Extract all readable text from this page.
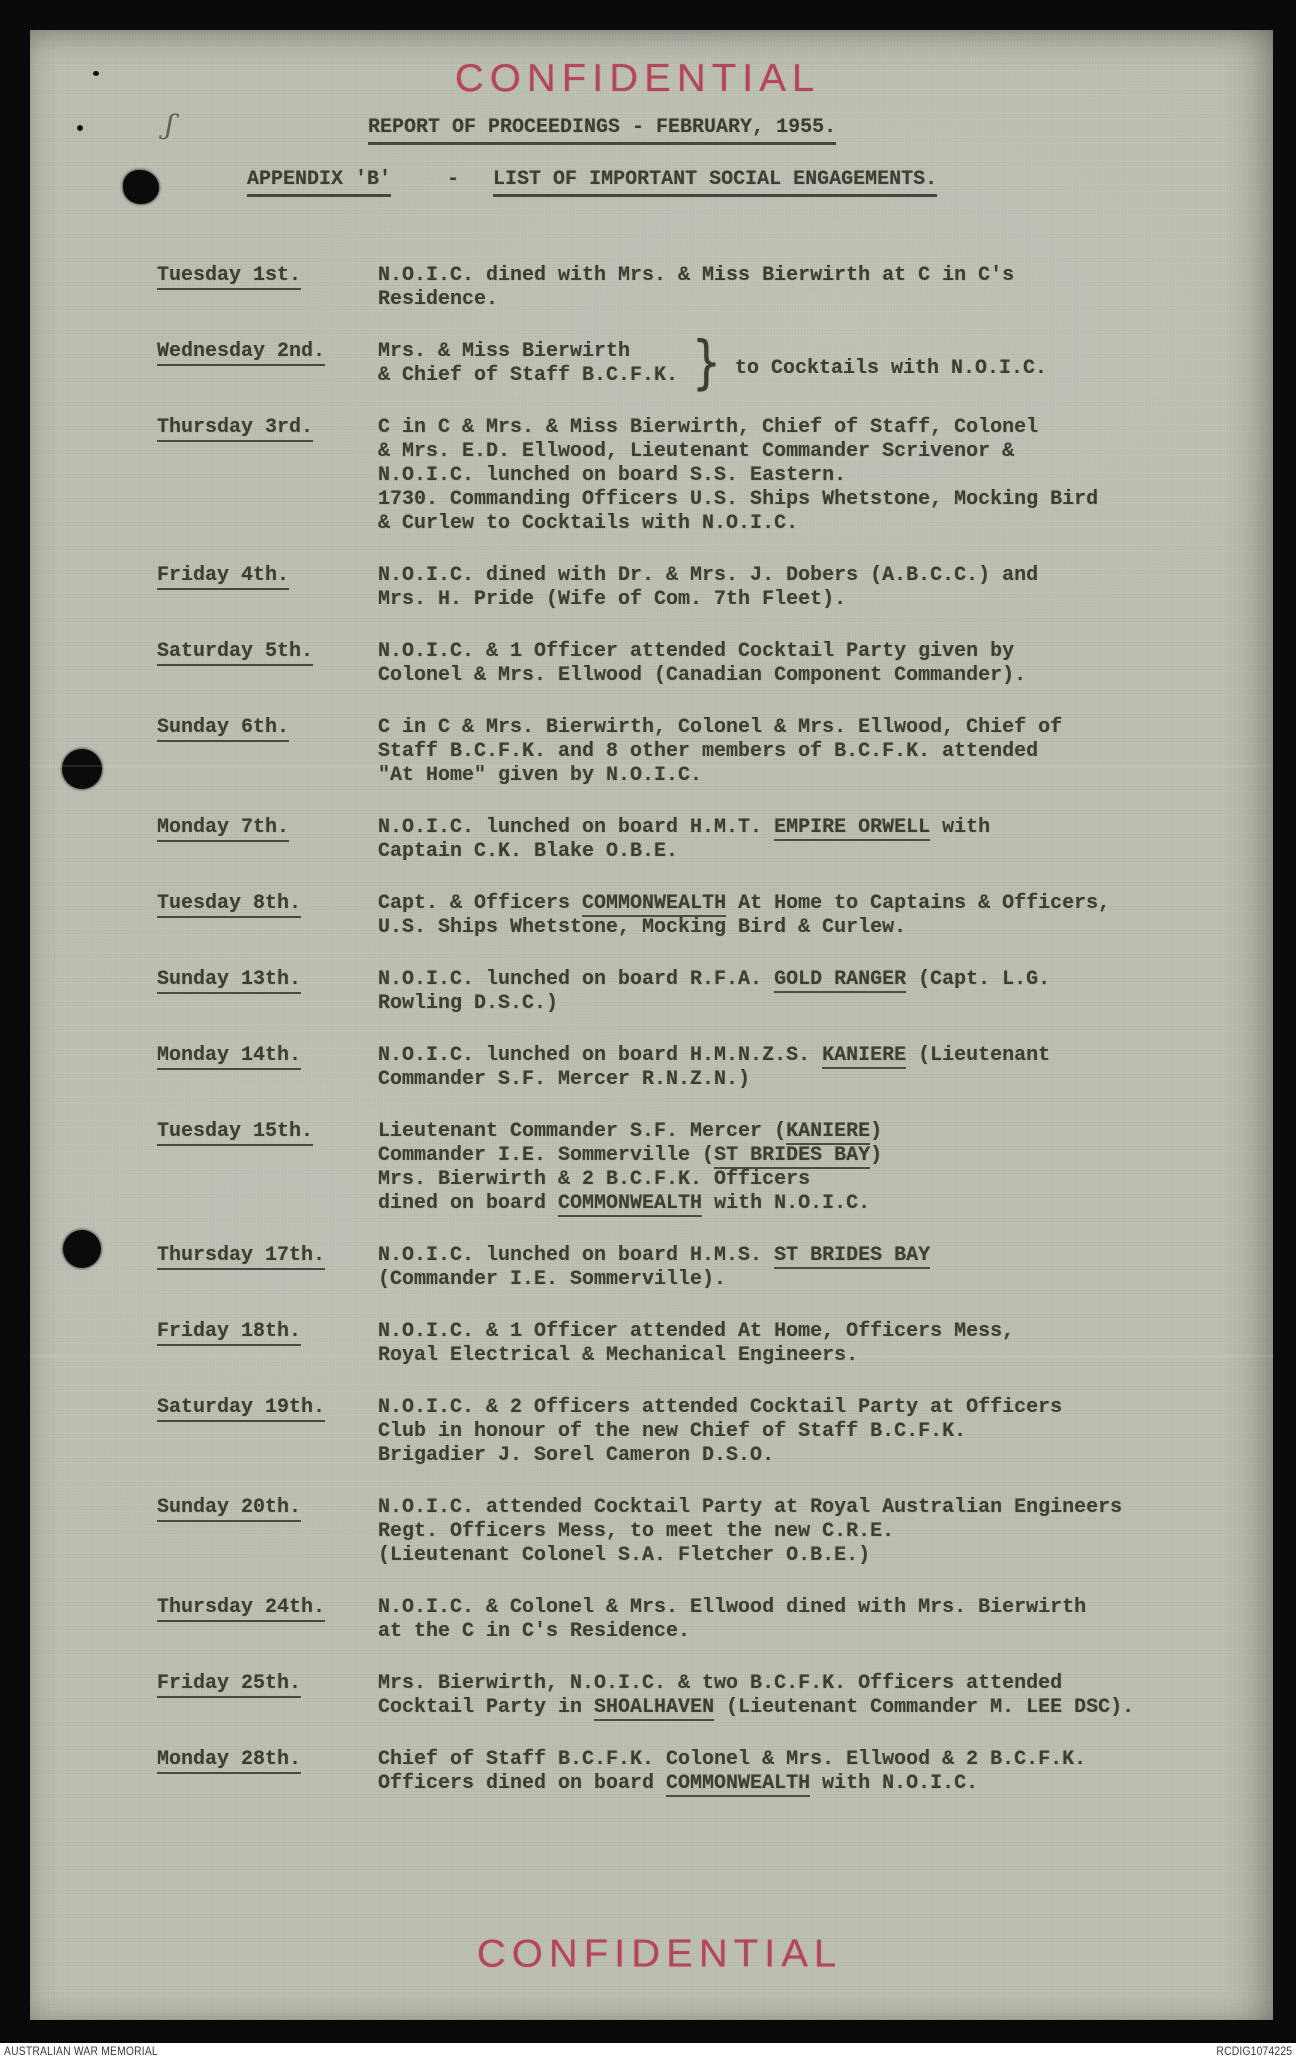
CONFIDENTIAL
REPORT OF PROCEEDINGS - FEBRUARY, 1955.
APPENDIX 'B'	- LIST OF IMPORTANT SOCIAL ENGAGEMENTS.
Tuesday 1st.	N.O.I.C. dined with Mrs. & Miss Bierwirth at C in C's
Residence.
Wednesday 2nd.	Mrs. & Miss Bierwirth
& Chief of Staff B.C.F.K. } to Cocktails with N.O.I.C.
Thursday 3rd.	C in C & Mrs. & Miss Bierwirth, Chief of Staff, Colonel
& Mrs. E.D. Ellwood, Lieutenant Commander Scrivenor &
N.O.I.C. lunched on board S.S. Eastern.
1730. Commanding Officers U.S. Ships Whetstone, Mocking Bird
& Curlew to Cocktails with N.O.I.C.
Friday 4th.	N.O.I.C. dined with Dr. & Mrs. J. Dobers (A.B.C.C.) and
Mrs. H. Pride (Wife of Com. 7th Fleet).
Saturday 5th.	N.O.I.C. & 1 Officer attended Cocktail Party given by
Colonel & Mrs. Ellwood (Canadian Component Commander).
Sunday 6th.	C in C & Mrs. Bierwirth, Colonel & Mrs. Ellwood, Chief of
Staff B.C.F.K. and 8 other members of B.C.F.K. attended
"At Home" given by N.O.I.C.
Monday 7th.	N.O.I.C. lunched on board H.M.T. EMPIRE ORWELL with
Captain C.K. Blake O.B.E.
Tuesday 8th.	Capt. & Officers COMMONWEALTH At Home to Captains & Officers,
U.S. Ships Whetstone, Mocking Bird & Curlew.
Sunday 13th.	N.O.I.C. lunched on board R.F.A. GOLD RANGER (Capt. L.G.
Rowling D.S.C.)
Monday 14th.	N.O.I.C. lunched on board H.M.N.Z.S. KANIERE (Lieutenant
Commander S.F. Mercer R.N.Z.N.)
Tuesday 15th.	Lieutenant Commander S.F. Mercer (KANIERE)
Commander I.E. Sommerville (ST BRIDES BAY)
Mrs. Bierwirth & 2 B.C.F.K. Officers
dined on board COMMONWEALTH with N.O.I.C.
Thursday 17th.	N.O.I.C. lunched on board H.M.S. ST BRIDES BAY
(Commander I.E. Sommerville).
Friday 18th.	N.O.I.C. & 1 Officer attended At Home, Officers Mess,
Royal Electrical & Mechanical Engineers.
Saturday 19th.	N.O.I.C. & 2 Officers attended Cocktail Party at Officers
Club in honour of the new Chief of Staff B.C.F.K.
Brigadier J. Sorel Cameron D.S.O.
Sunday 20th.	N.O.I.C. attended Cocktail Party at Royal Australian Engineers
Regt. Officers Mess, to meet the new C.R.E.
(Lieutenant Colonel S.A. Fletcher O.B.E.)
Thursday 24th.	N.O.I.C. & Colonel & Mrs. Ellwood dined with Mrs. Bierwirth
at the C in C's Residence.
Friday 25th.	Mrs. Bierwirth, N.O.I.C. & two B.C.F.K. Officers attended
Cocktail Party in SHOALHAVEN (Lieutenant Commander M. LEE DSC).
Monday 28th.	Chief of Staff B.C.F.K. Colonel & Mrs. Ellwood & 2 B.C.F.K.
Officers dined on board COMMONWEALTH with N.O.I.C.
CONFIDENTIAL
ʃ
AUSTRALIAN WAR MEMORIAL	RCDIG1074225
